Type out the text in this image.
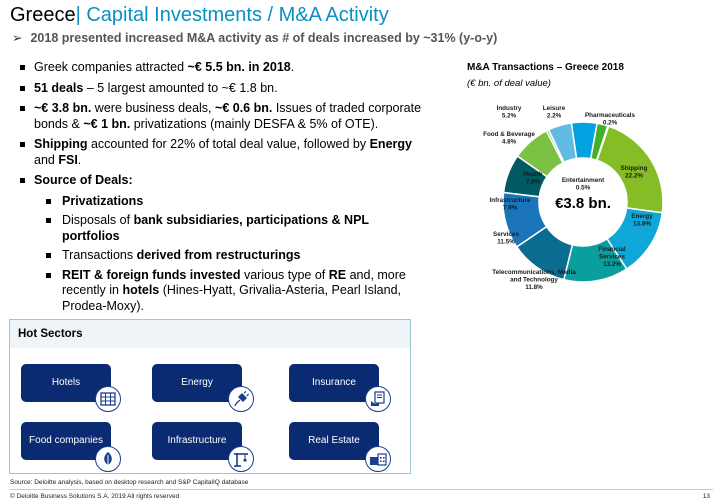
Greece| Capital Investments / M&A Activity
➢ 2018 presented increased M&A activity as # of deals increased by ~31% (y-o-y)
Greek companies attracted ~€ 5.5 bn. in 2018.
51 deals – 5 largest amounted to ~€ 1.8 bn.
~€ 3.8 bn. were business deals, ~€ 0.6 bn. Issues of traded corporate bonds & ~€ 1 bn. privatizations (mainly DESFA & 5% of OTE).
Shipping accounted for 22% of total deal value, followed by Energy and FSI.
Source of Deals:
Privatizations
Disposals of bank subsidiaries, participations & NPL portfolios
Transactions derived from restructurings
REIT & foreign funds invested various type of RE and, more recently in hotels (Hines-Hyatt, Grivalia-Asteria, Pearl Island, Prodea-Moxy).
M&A Transactions – Greece 2018
(€ bn. of deal value)
€3.8 bn.
Pharmaceuticals 0.2%
Shipping 22.2%
Energy 13.8%
Financial Services 13.2%
Telecommunications, Media and Technology 11.8%
Services 11.5%
Infrastructure 7.9%
Health 7.8%	Entertainment 0.5%
Food & Beverage 4.8%
Industry 5.2%
Leisure 2.2%
Hot Sectors
Hotels	Energy	Insurance
Food companies	Infrastructure	Real Estate
Source: Deloitte analysis, based on desktop research and S&P CapitalIQ database
© Deloitte Business Solutions S.A. 2019 All rights reserved	13
